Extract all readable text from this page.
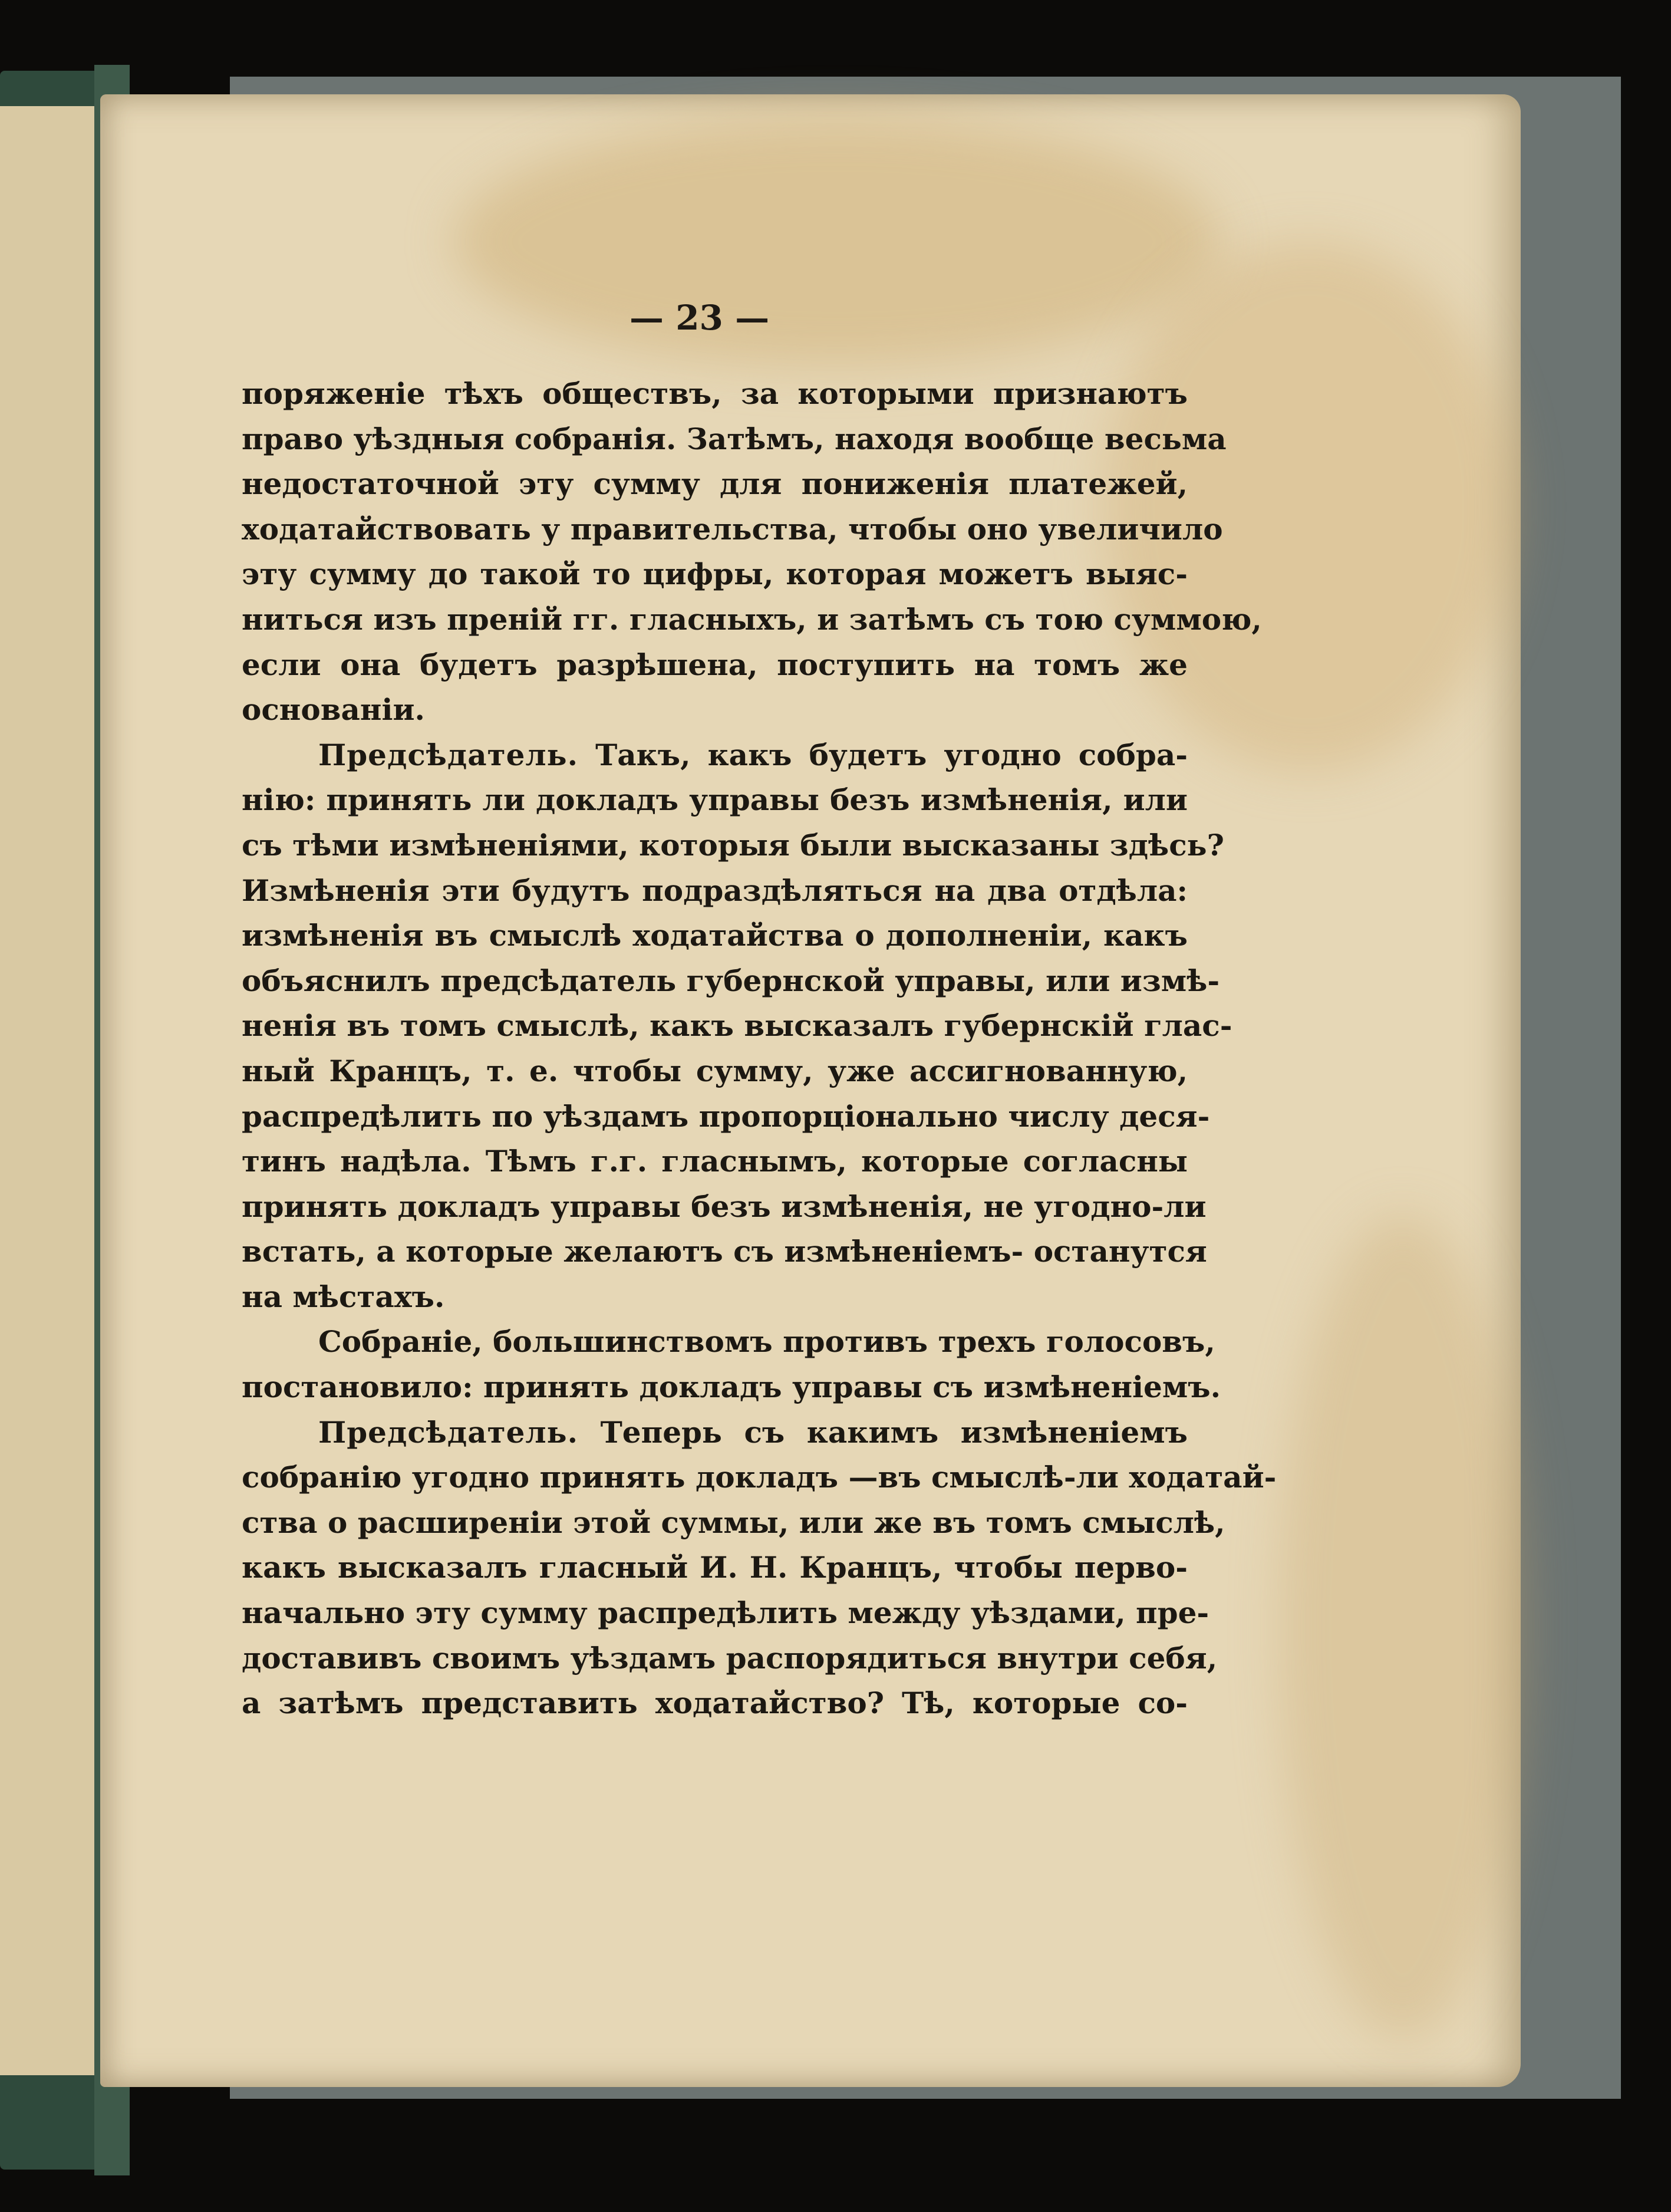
— 23 —
поряженіе тѣхъ обществъ, за которыми признаютъ
право уѣздныя собранія. Затѣмъ, находя вообще весьма
недостаточной эту сумму для пониженія платежей,
ходатайствовать у правительства, чтобы оно увеличило
эту сумму до такой то цифры, которая можетъ выяс-
ниться изъ преній гг. гласныхъ, и затѣмъ съ тою суммою,
если она будетъ разрѣшена, поступить на томъ же
основаніи.
Предсѣдатель. Такъ, какъ будетъ угодно собра-
нію: принять ли докладъ управы безъ измѣненія, или
съ тѣми измѣненіями, которыя были высказаны здѣсь?
Измѣненія эти будутъ подраздѣляться на два отдѣла:
измѣненія въ смыслѣ ходатайства о дополненіи, какъ
объяснилъ предсѣдатель губернской управы, или измѣ-
ненія въ томъ смыслѣ, какъ высказалъ губернскій глас-
ный Кранцъ, т. е. чтобы сумму, уже ассигнованную,
распредѣлить по уѣздамъ пропорціонально числу деся-
тинъ надѣла. Тѣмъ г.г. гласнымъ, которые согласны
принять докладъ управы безъ измѣненія, не угодно-ли
встать, а которые желаютъ съ измѣненіемъ- останутся
на мѣстахъ.
Собраніе, большинствомъ противъ трехъ голосовъ,
постановило: принять докладъ управы съ измѣненіемъ.
Предсѣдатель. Теперь съ какимъ измѣненіемъ
собранію угодно принять докладъ —въ смыслѣ-ли ходатай-
ства о расширеніи этой суммы, или же въ томъ смыслѣ,
какъ высказалъ гласный И. Н. Кранцъ, чтобы перво-
начально эту сумму распредѣлить между уѣздами, пре-
доставивъ своимъ уѣздамъ распорядиться внутри себя,
а затѣмъ представить ходатайство? Тѣ, которые со-
